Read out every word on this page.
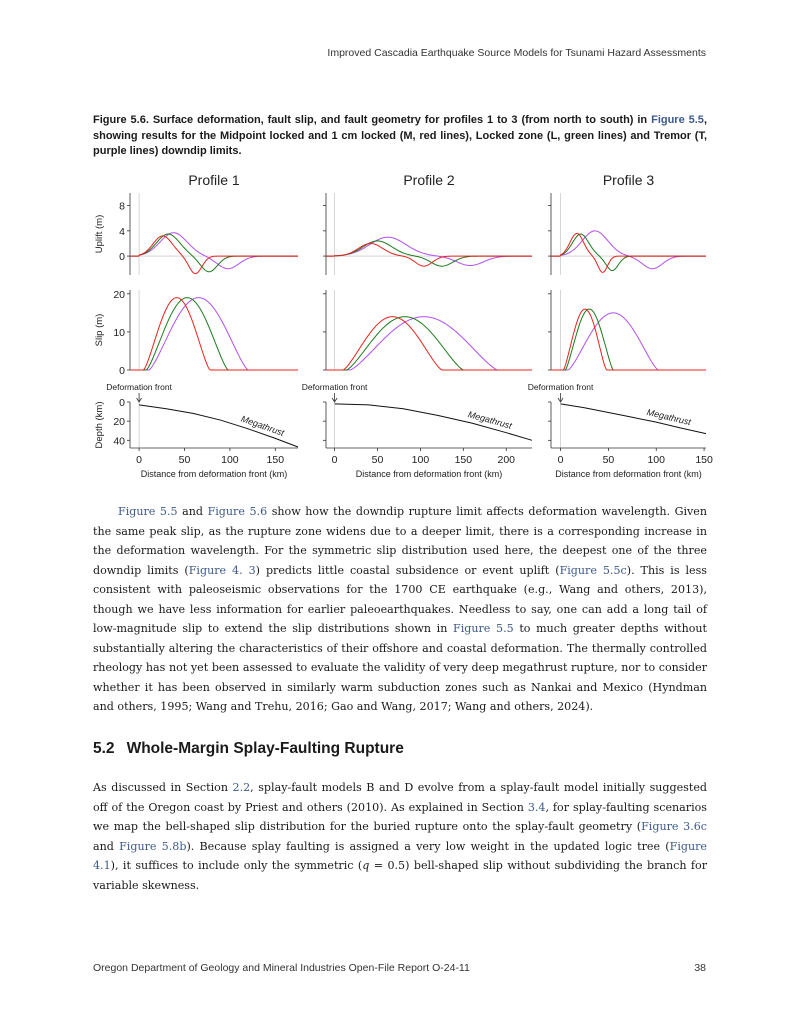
Improved Cascadia Earthquake Source Models for Tsunami Hazard Assessments
Figure 5.6. Surface deformation, fault slip, and fault geometry for profiles 1 to 3 (from north to south) in Figure 5.5, showing results for the Midpoint locked and 1 cm locked (M, red lines), Locked zone (L, green lines) and Tremor (T, purple lines) downdip limits.
Profile 1
0
4
8
Uplift (m)
0
10
20
Slip (m)
0
20
40
Depth (km)
0	50	100	150
Distance from deformation front (km)
Megathrust
Deformation front
Profile 2
0	50	100 150 200
Distance from deformation front (km)
Megathrust
Deformation front
Profile 3
0	50	100	150
Distance from deformation front (km)
Megathrust
Deformation front

Figure 5.5 and Figure 5.6 show how the downdip rupture limit affects deformation wavelength. Given the same peak slip, as the rupture zone widens due to a deeper limit, there is a corresponding increase in the deformation wavelength. For the symmetric slip distribution used here, the deepest one of the three downdip limits (Figure 4. 3) predicts little coastal subsidence or event uplift (Figure 5.5c). This is less consistent with paleoseismic observations for the 1700 CE earthquake (e.g., Wang and others, 2013), though we have less information for earlier paleoearthquakes. Needless to say, one can add a long tail of low-magnitude slip to extend the slip distributions shown in Figure 5.5 to much greater depths without substantially altering the characteristics of their offshore and coastal deformation. The thermally controlled rheology has not yet been assessed to evaluate the validity of very deep megathrust rupture, nor to consider whether it has been observed in similarly warm subduction zones such as Nankai and Mexico (Hyndman and others, 1995; Wang and Trehu, 2016; Gao and Wang, 2017; Wang and others, 2024).

5.2 Whole-Margin Splay-Faulting Rupture

As discussed in Section 2.2, splay-fault models B and D evolve from a splay-fault model initially suggested off of the Oregon coast by Priest and others (2010). As explained in Section 3.4, for splay-faulting scenarios we map the bell-shaped slip distribution for the buried rupture onto the splay-fault geometry (Figure 3.6c and Figure 5.8b). Because splay faulting is assigned a very low weight in the updated logic tree (Figure 4.1), it suffices to include only the symmetric (q = 0.5) bell-shaped slip without subdividing the branch for variable skewness.

Oregon Department of Geology and Mineral Industries Open-File Report O-24-11	38
